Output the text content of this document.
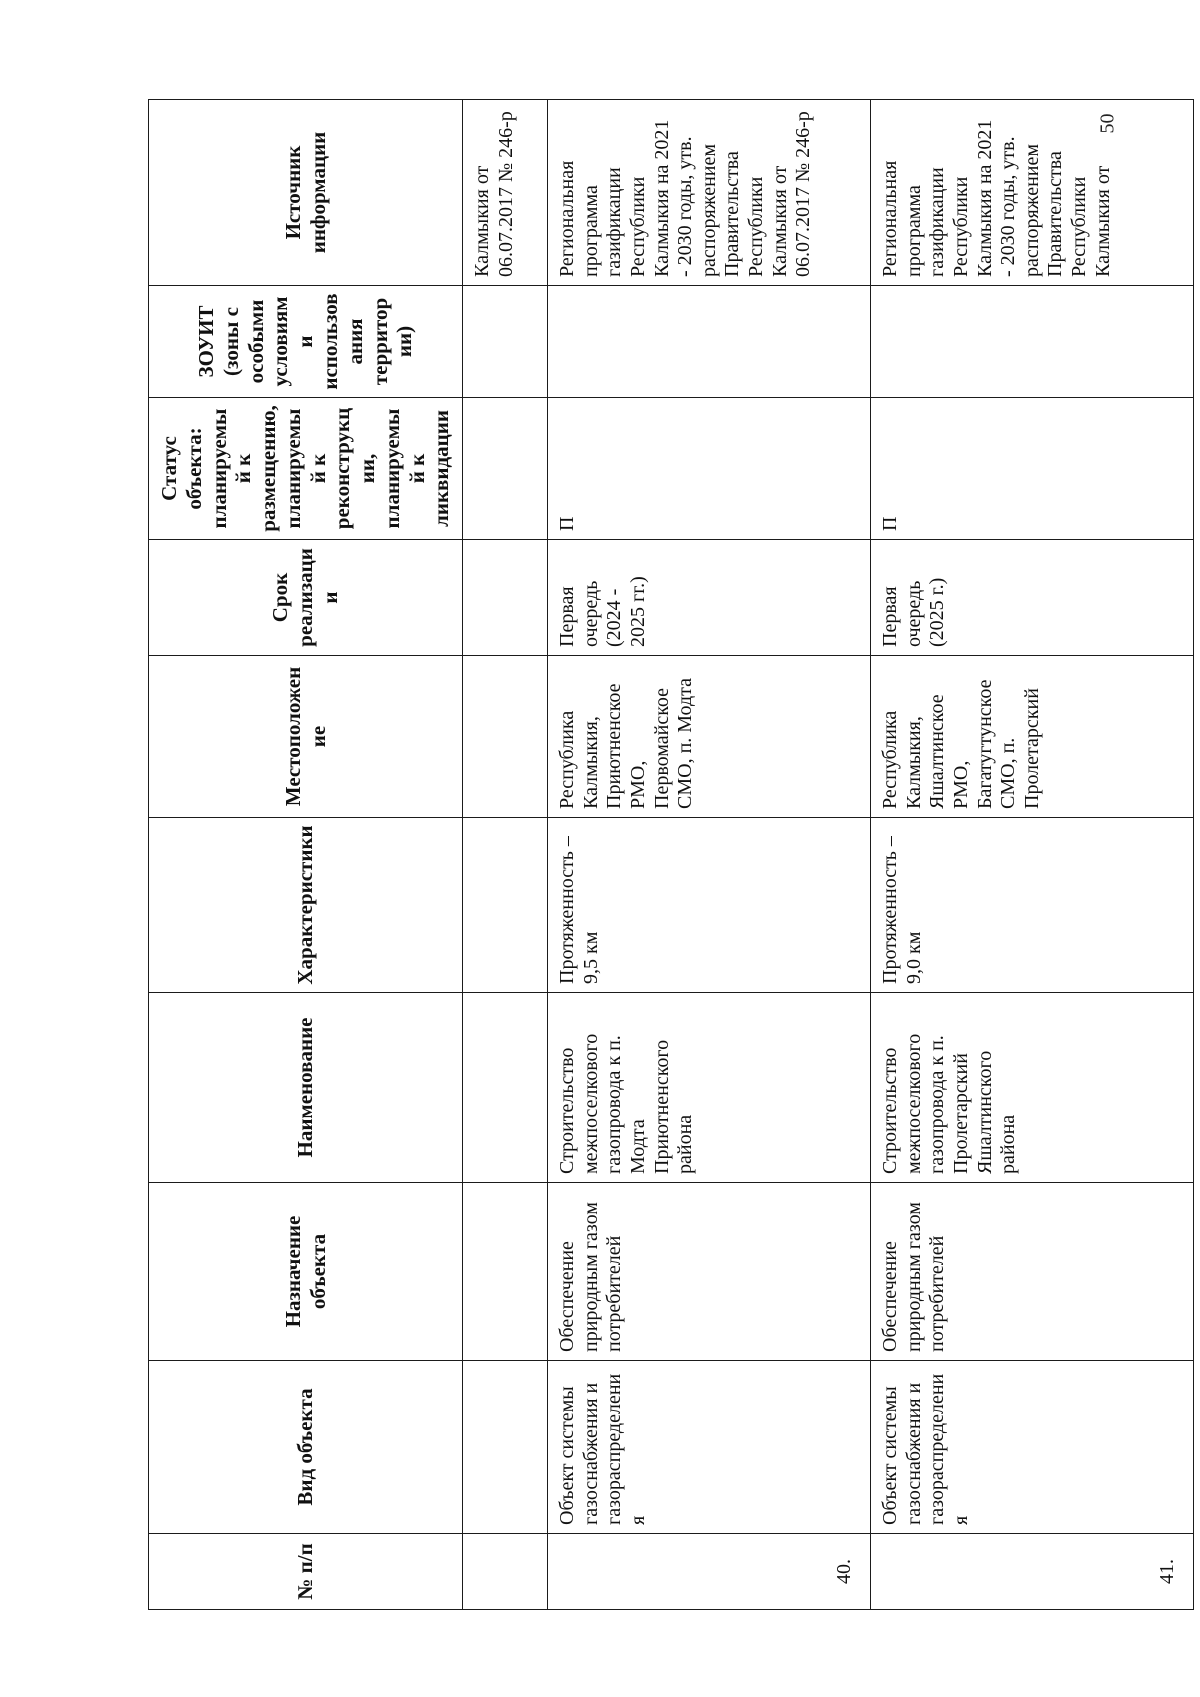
№ п/п	Вид объекта	Назначение объекта	Наименование	Характеристики	Местоположение	Срок реализации	Статус объекта: планируемый к размещению, планируемый к реконструкции, планируемый к ликвидации	ЗОУИТ (зоны с особыми условиями использования территории)	Источник информации
									Калмыкия от 06.07.2017 № 246-р
40.	Объект системы газоснабжения и газораспределения	Обеспечение природным газом потребителей	Строительство межпоселкового газопровода к п. Модта Приютненского района	Протяженность – 9,5 км	Республика Калмыкия, Приютненское РМО, Первомайское СМО, п. Модта	Первая очередь (2024 - 2025 гг.)	П		Региональная программа газификации Республики Калмыкия на 2021 - 2030 годы, утв. распоряжением Правительства Республики Калмыкия от 06.07.2017 № 246-р
41.	Объект системы газоснабжения и газораспределения	Обеспечение природным газом потребителей	Строительство межпоселкового газопровода к п. Пролетарский Яшалтинского района	Протяженность – 9,0 км	Республика Калмыкия, Яшалтинское РМО, Багатугтунское СМО, п. Пролетарский	Первая очередь (2025 г.)	П		Региональная программа газификации Республики Калмыкия на 2021 - 2030 годы, утв. распоряжением Правительства Республики Калмыкия от
50
